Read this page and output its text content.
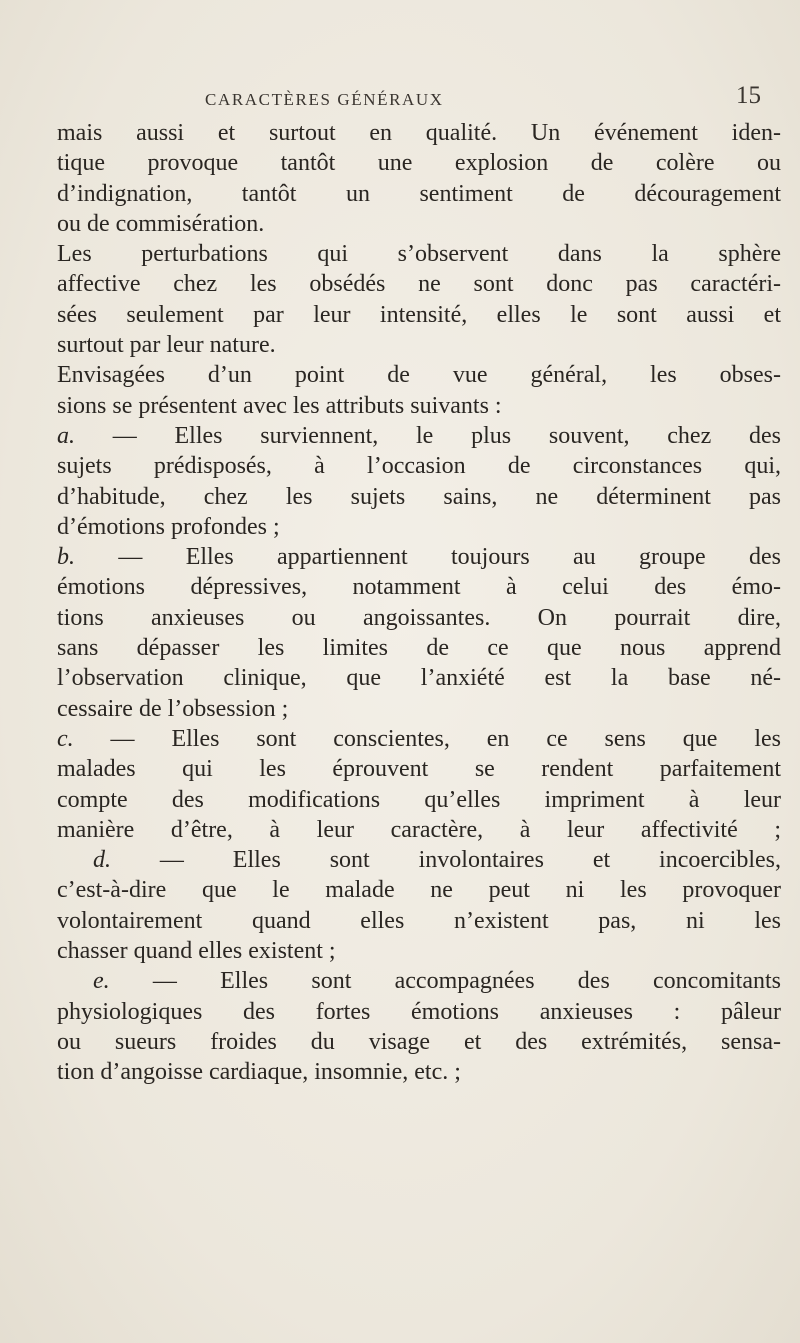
CARACTÈRES GÉNÉRAUX	15
mais aussi et surtout en qualité. Un événement iden-
tique provoque tantôt une explosion de colère ou
d’indignation, tantôt un sentiment de découragement
ou de commisération.
Les perturbations qui s’observent dans la sphère
affective chez les obsédés ne sont donc pas caractéri-
sées seulement par leur intensité, elles le sont aussi et
surtout par leur nature.
Envisagées d’un point de vue général, les obses-
sions se présentent avec les attributs suivants :
a. — Elles surviennent, le plus souvent, chez des
sujets prédisposés, à l’occasion de circonstances qui,
d’habitude, chez les sujets sains, ne déterminent pas
d’émotions profondes ;
b. — Elles appartiennent toujours au groupe des
émotions dépressives, notamment à celui des émo-
tions anxieuses ou angoissantes. On pourrait dire,
sans dépasser les limites de ce que nous apprend
l’observation clinique, que l’anxiété est la base né-
cessaire de l’obsession ;
c. — Elles sont conscientes, en ce sens que les
malades qui les éprouvent se rendent parfaitement
compte des modifications qu’elles impriment à leur
manière d’être, à leur caractère, à leur affectivité ;
d. — Elles sont involontaires et incoercibles,
c’est-à-dire que le malade ne peut ni les provoquer
volontairement quand elles n’existent pas, ni les
chasser quand elles existent ;
e. — Elles sont accompagnées des concomitants
physiologiques des fortes émotions anxieuses : pâleur
ou sueurs froides du visage et des extrémités, sensa-
tion d’angoisse cardiaque, insomnie, etc. ;
